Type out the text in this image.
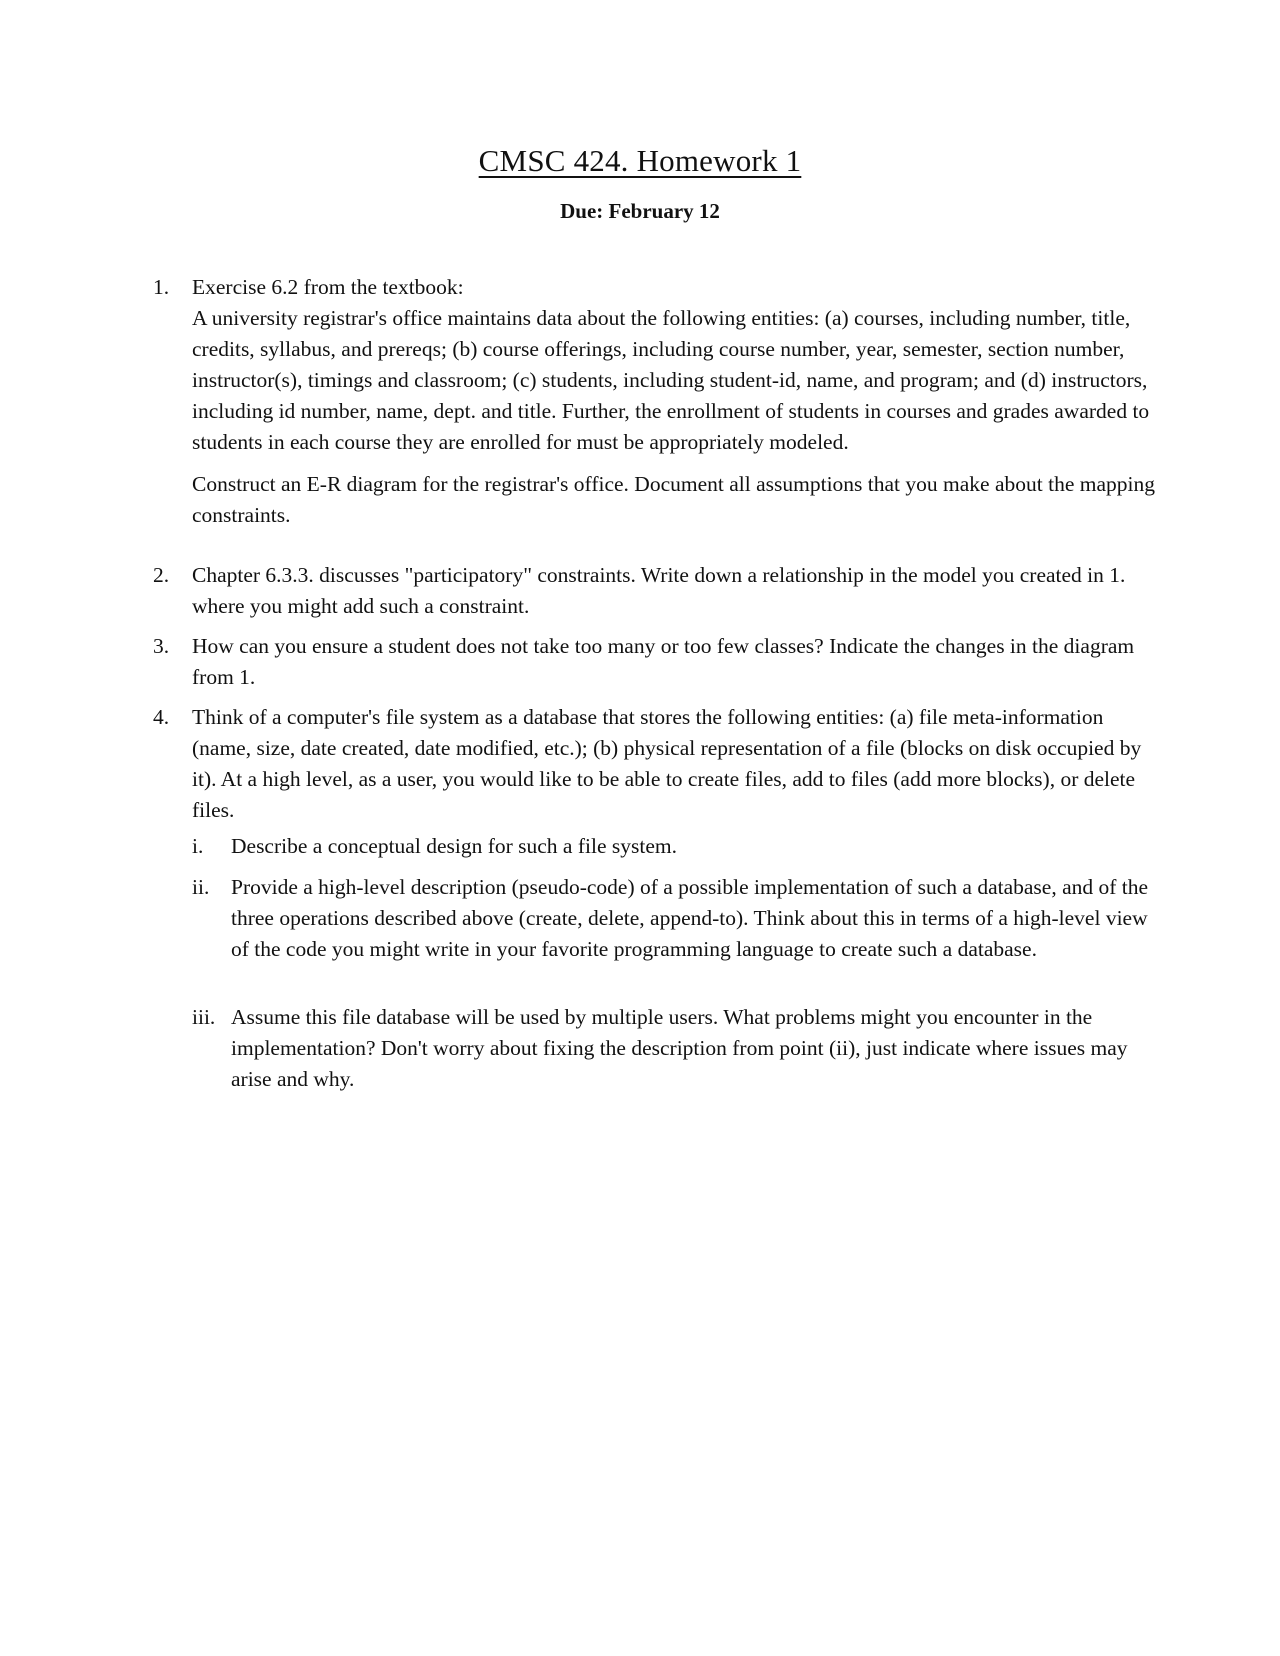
CMSC 424. Homework 1
Due: February 12
1.	Exercise 6.2 from the textbook:

A university registrar's office maintains data about the following entities: (a) courses, including number, title, credits, syllabus, and prereqs; (b) course offerings, including course number, year, semester, section number, instructor(s), timings and classroom; (c) students, including student-id, name, and program; and (d) instructors, including id number, name, dept. and title. Further, the enrollment of students in courses and grades awarded to students in each course they are enrolled for must be appropriately modeled.

Construct an E-R diagram for the registrar's office. Document all assumptions that you make about the mapping constraints.

2.	Chapter 6.3.3. discusses "participatory" constraints. Write down a relationship in the model you created in 1. where you might add such a constraint.
3.	How can you ensure a student does not take too many or too few classes? Indicate the changes in the diagram from 1.
4.	Think of a computer's file system as a database that stores the following entities: (a) file meta-information (name, size, date created, date modified, etc.); (b) physical representation of a file (blocks on disk occupied by it). At a high level, as a user, you would like to be able to create files, add to files (add more blocks), or delete files.
i.	Describe a conceptual design for such a file system.
ii.	Provide a high-level description (pseudo-code) of a possible implementation of such a database, and of the three operations described above (create, delete, append-to). Think about this in terms of a high-level view of the code you might write in your favorite programming language to create such a database.
iii. Assume this file database will be used by multiple users. What problems might you encounter in the implementation? Don't worry about fixing the description from point (ii), just indicate where issues may arise and why.
